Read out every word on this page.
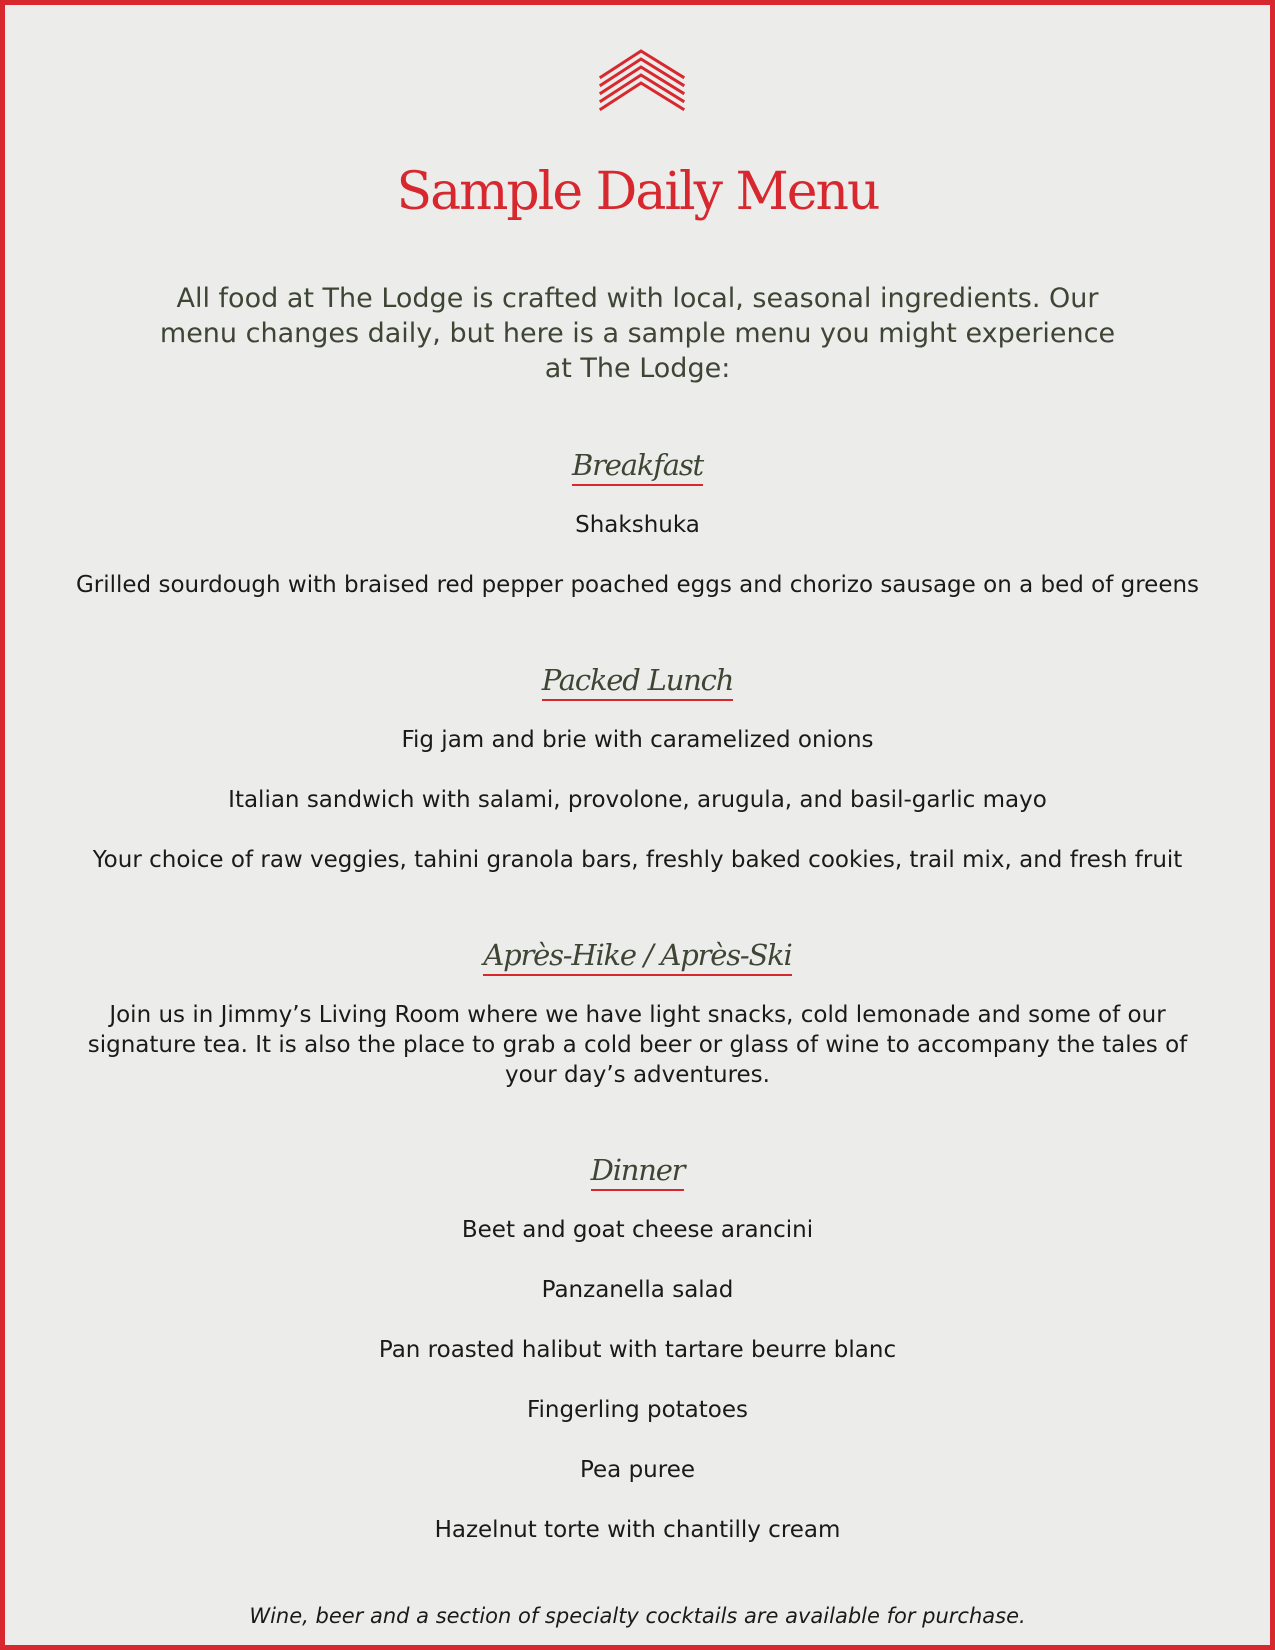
Sample Daily Menu

All food at The Lodge is crafted with local, seasonal ingredients. Our menu changes daily, but here is a sample menu you might experience at The Lodge:

Breakfast

Shakshuka

Grilled sourdough with braised red pepper poached eggs and chorizo sausage on a bed of greens

Packed Lunch

Fig jam and brie with caramelized onions

Italian sandwich with salami, provolone, arugula, and basil-garlic mayo

Your choice of raw veggies, tahini granola bars, freshly baked cookies, trail mix, and fresh fruit

Après-Hike / Après-Ski

Join us in Jimmy’s Living Room where we have light snacks, cold lemonade and some of our signature tea. It is also the place to grab a cold beer or glass of wine to accompany the tales of your day’s adventures.

Dinner

Beet and goat cheese arancini

Panzanella salad

Pan roasted halibut with tartare beurre blanc

Fingerling potatoes

Pea puree

Hazelnut torte with chantilly cream

Wine, beer and a section of specialty cocktails are available for purchase.
